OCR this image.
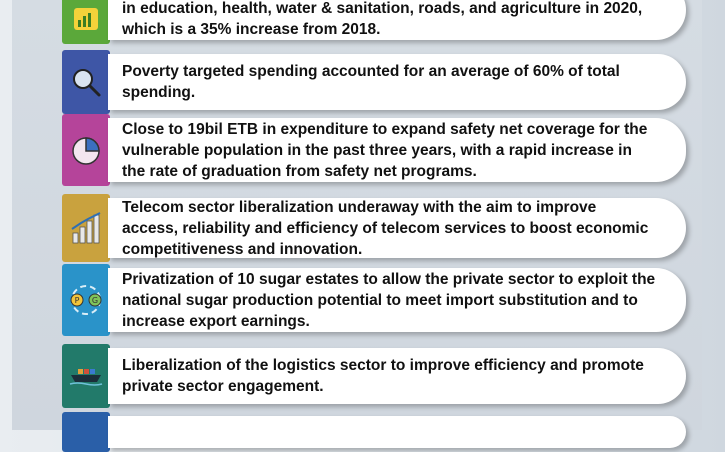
in education, health, water & sanitation, roads, and agriculture in 2020, which is a 35% increase from 2018.
Poverty targeted spending accounted for an average of 60% of total spending.
Close to 19bil ETB in expenditure to expand safety net coverage for the vulnerable population in the past three years, with a rapid increase in the rate of graduation from safety net programs.
Telecom sector liberalization underaway with the aim to improve access, reliability and efficiency of telecom services to boost economic competitiveness and innovation.
P G
Privatization of 10 sugar estates to allow the private sector to exploit the national sugar production potential to meet import substitution and to increase export earnings.
Liberalization of the logistics sector to improve efficiency and promote private sector engagement.
